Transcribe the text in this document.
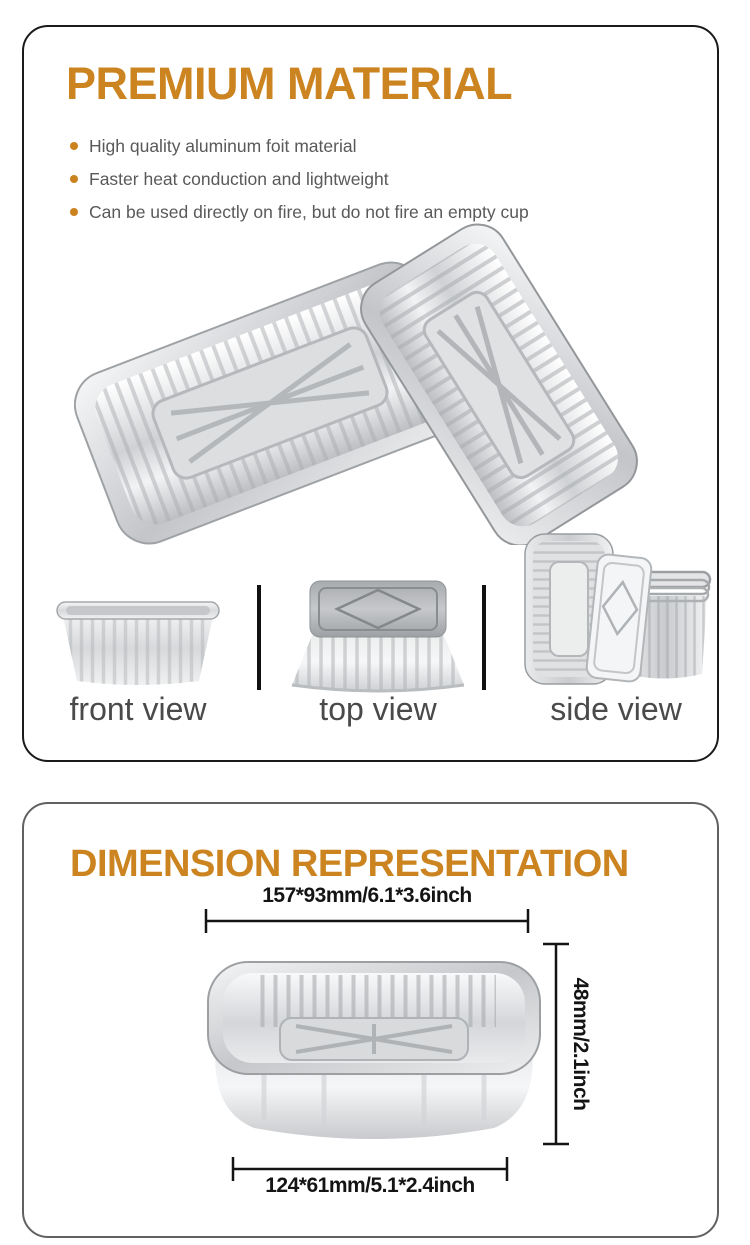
PREMIUM MATERIAL
High quality aluminum foit material
Faster heat conduction and lightweight
Can be used directly on fire, but do not fire an empty cup
front view	top view	side view
DIMENSION REPRESENTATION
157*93mm/6.1*3.6inch
48mm/2.1inch
124*61mm/5.1*2.4inch
